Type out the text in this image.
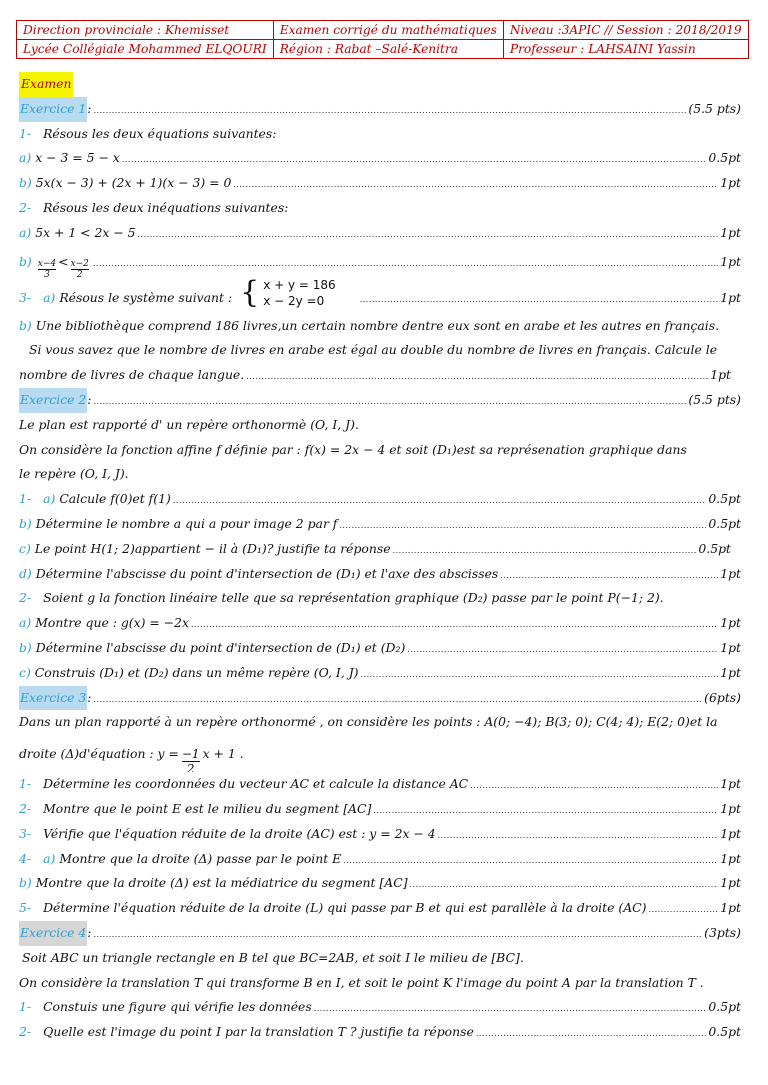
Direction provinciale : Khemisset	Examen corrigé du mathématiques	Niveau :3APIC // Session : 2018/2019
Lycée Collégiale Mohammed ELQOURI	Région : Rabat –Salé-Kenitra	Professeur : LAHSAINI Yassin
Examen
Exercice 1 : .....	(5.5 pts)
1- Résous les deux équations suivantes:
a) x − 3 = 5 − x .....	0.5pt
b) 5x(x − 3) + (2x + 1)(x − 3) = 0 .....	1pt
2- Résous les deux inéquations suivantes:
a) 5x + 1 < 2x − 5 .....	1pt
$b) \frac{x-4}{3} < \frac{x-2}{2}$ .....	1pt
3- a) Résous le système suivant : { x + y = 186
x − 2y =0 .....	1pt
b) Une bibliothèque comprend 186 livres,un certain nombre dentre eux sont en arabe et les autres en français.
Si vous savez que le nombre de livres en arabe est égal au double du nombre de livres en français. Calcule le
nombre de livres de chaque langue. .....	1pt
Exercice 2 : .....	(5.5 pts)
Le plan est rapporté d' un repère orthonormè (O, I, J).
On considère la fonction affine f définie par : f(x) = 2x − 4 et soit (D₁)est sa représenation graphique dans
le repère (O, I, J).
1- a) Calcule f(0)et f(1) .....	0.5pt
b) Détermine le nombre a qui a pour image 2 par f .....	0.5pt
c) Le point H(1; 2)appartient − il à (D₁)? justifie ta réponse .....	0.5pt
d) Détermine l'abscisse du point d'intersection de (D₁) et l'axe des abscisses .....	1pt
2- Soient g la fonction linéaire telle que sa représentation graphique (D₂) passe par le point P(−1; 2).
a) Montre que : g(x) = −2x .....	1pt
b) Détermine l'abscisse du point d'intersection de (D₁) et (D₂) .....	1pt
c) Construis (D₁) et (D₂) dans un même repère (O, I, J) .....	1pt
Exercice 3 : .....	(6pts)
Dans un plan rapporté à un repère orthonormé , on considère les points : A(0; −4); B(3; 0); C(4; 4); E(2; 0)et la
droite (Δ)d'équation : y = −1
2
x + 1 .
1- Détermine les coordonnées du vecteur
→ AC
et calcule la distance AC .....	1pt
2- Montre que le point E est le milieu du segment [AC] .....	1pt
3- Vérifie que l'équation réduite de la droite (AC) est : y = 2x − 4 .....	1pt
4- a) Montre que la droite (Δ) passe par le point E .....	1pt
b) Montre que la droite (Δ) est la médiatrice du segment [AC] .....	1pt
5- Détermine l'équation réduite de la droite (L) qui passe par B et qui est parallèle à la droite (AC) .....	1pt
Exercice 4 : .....	(3pts)
Soit ABC un triangle rectangle en B tel que BC=2AB, et soit I le milieu de [BC].
On considère la translation T qui transforme B en I, et soit le point K l'image du point A par la translation T .
1- Constuis une figure qui vérifie les données .....	0.5pt
2- Quelle est l'image du point I par la translation T ? justifie ta réponse .....	0.5pt
